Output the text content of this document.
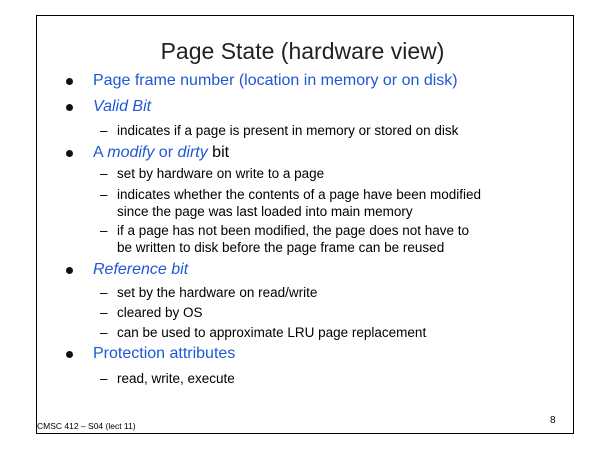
Page State (hardware view)
Page frame number (location in memory or on disk)
Valid Bit
– indicates if a page is present in memory or stored on disk
A modify or dirty bit
– set by hardware on write to a page
– indicates whether the contents of a page have been modified
since the page was last loaded into main memory
– if a page has not been modified, the page does not have to
be written to disk before the page frame can be reused
Reference bit
– set by the hardware on read/write
– cleared by OS
– can be used to approximate LRU page replacement
Protection attributes
– read, write, execute
CMSC 412 – S04 (lect 11)	8
